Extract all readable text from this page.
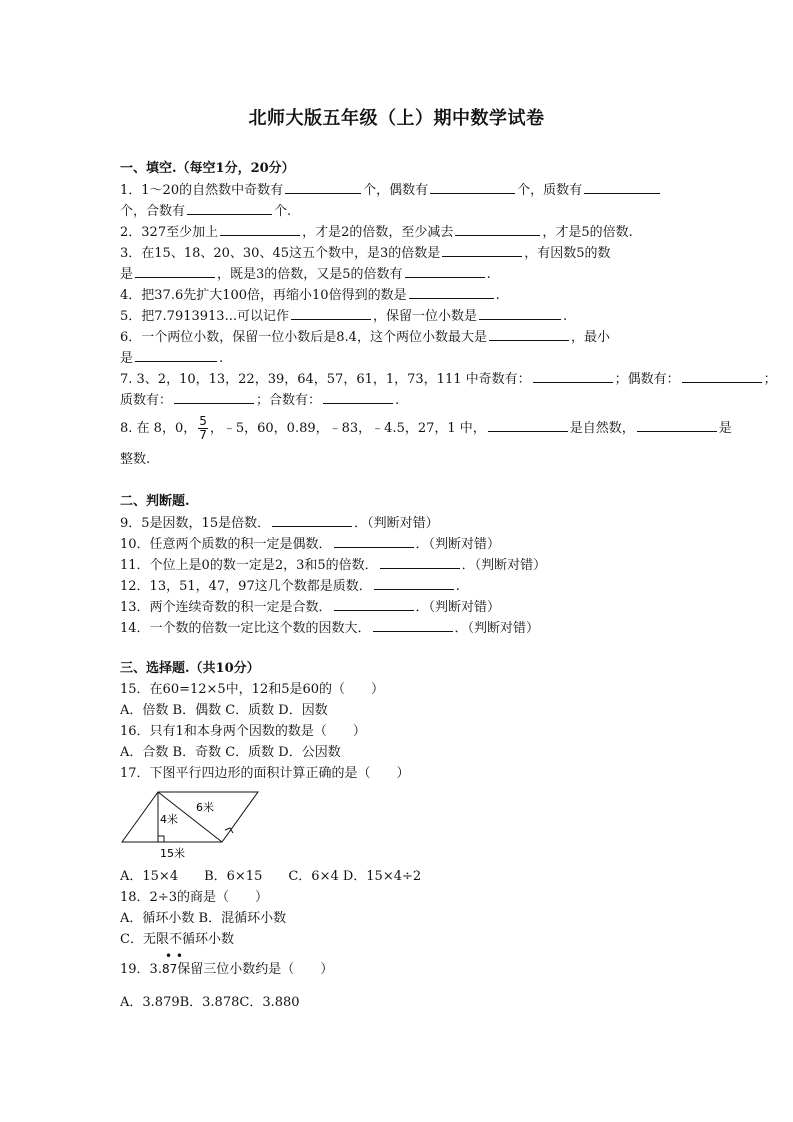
北师大版五年级（上）期中数学试卷
一、填空.（每空1分，20分）
1．1～20的自然数中奇数有	个，偶数有	个，质数有
个，合数有	个.
2．327至少加上	，才是2的倍数，至少减去	，才是5的倍数.
3．在15、18、20、30、45这五个数中，是3的倍数是	，有因数5的数
是	，既是3的倍数，又是5的倍数有	.
4．把37.6先扩大100倍，再缩小10倍得到的数是	.
5．把7.7913913...可以记作	，保留一位小数是	.
6．一个两位小数，保留一位小数后是8.4，这个两位小数最大是	，最小
是	.
7. 3、2，10，13，22，39，64，57，61，1，73，111 中奇数有：	；偶数有：	；
质数有：	；合数有：	.
8. 在 8，0， $\frac{5}{7}$ ，﹣5，60，0.89，﹣83，﹣4.5，27，1 中，	是自然数，	是
整数.
二、判断题.
9．5是因数，15是倍数．	．（判断对错）
10．任意两个质数的积一定是偶数．	．（判断对错）
11．个位上是0的数一定是2，3和5的倍数．	．（判断对错）
12．13，51，47，97这几个数都是质数．	.
13．两个连续奇数的积一定是合数．	．（判断对错）
14．一个数的倍数一定比这个数的因数大．	．（判断对错）
三、选择题.（共10分）
15．在60=12×5中，12和5是60的（　　）
A．倍数 B．偶数 C．质数 D．因数
16．只有1和本身两个因数的数是（　　）
A．合数 B．奇数 C．质数 D．公因数
17．下图平行四边形的面积计算正确的是（　　）
6米
4米
15米
A．15×4　　B．6×15　　C．6×4 D．15×4÷2
18．2÷3的商是（　　）
A．循环小数 B．混循环小数
C．无限不循环小数
19．3.
• •
87保留三位小数约是（　　）
A．3.879B．3.878C．3.880
